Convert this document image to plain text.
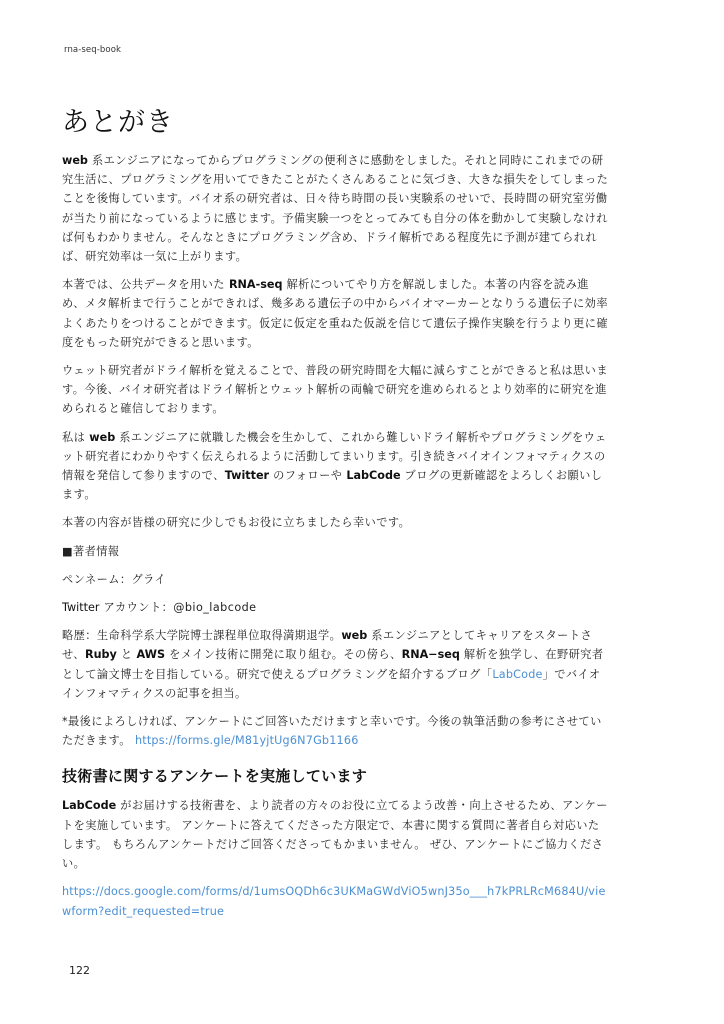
rna-seq-book
あとがき

web 系エンジニアになってからプログラミングの便利さに感動をしました。それと同時にこれまでの研究生活に、プログラミングを用いてできたことがたくさんあることに気づき、大きな損失をしてしまったことを後悔しています。バイオ系の研究者は、日々待ち時間の長い実験系のせいで、長時間の研究室労働が当たり前になっているように感じます。予備実験一つをとってみても自分の体を動かして実験しなければ何もわかりません。そんなときにプログラミング含め、ドライ解析である程度先に予測が建てられれば、研究効率は一気に上がります。

本著では、公共データを用いた RNA-seq 解析についてやり方を解説しました。本著の内容を読み進め、メタ解析まで行うことができれば、幾多ある遺伝子の中からバイオマーカーとなりうる遺伝子に効率よくあたりをつけることができます。仮定に仮定を重ねた仮説を信じて遺伝子操作実験を行うより更に確度をもった研究ができると思います。

ウェット研究者がドライ解析を覚えることで、普段の研究時間を大幅に減らすことができると私は思います。今後、バイオ研究者はドライ解析とウェット解析の両輪で研究を進められるとより効率的に研究を進められると確信しております。

私は web 系エンジニアに就職した機会を生かして、これから難しいドライ解析やプログラミングをウェット研究者にわかりやすく伝えられるように活動してまいります。引き続きバイオインフォマティクスの情報を発信して参りますので、Twitter のフォローや LabCode ブログの更新確認をよろしくお願いします。

本著の内容が皆様の研究に少しでもお役に立ちましたら幸いです。

■著者情報

ペンネーム：グライ

Twitter アカウント：@bio_labcode

略歴：生命科学系大学院博士課程単位取得満期退学。web 系エンジニアとしてキャリアをスタートさせ、Ruby と AWS をメイン技術に開発に取り組む。その傍ら、RNA−seq 解析を独学し、在野研究者として論文博士を目指している。研究で使えるプログラミングを紹介するブログ「LabCode」でバイオインフォマティクスの記事を担当。

*最後によろしければ、アンケートにご回答いただけますと幸いです。今後の執筆活動の参考にさせていただきます。 https://forms.gle/M81yjtUg6N7Gb1166

技術書に関するアンケートを実施しています

LabCode がお届けする技術書を、より読者の方々のお役に立てるよう改善・向上させるため、アンケートを実施しています。 アンケートに答えてくださった方限定で、本書に関する質問に著者自ら対応いたします。 もちろんアンケートだけご回答くださってもかまいません。 ぜひ、アンケートにご協力ください。

https://docs.google.com/forms/d/1umsOQDh6c3UKMaGWdViO5wnJ35o___h7kPRLRcM684U/viewform?edit_requested=true
122
